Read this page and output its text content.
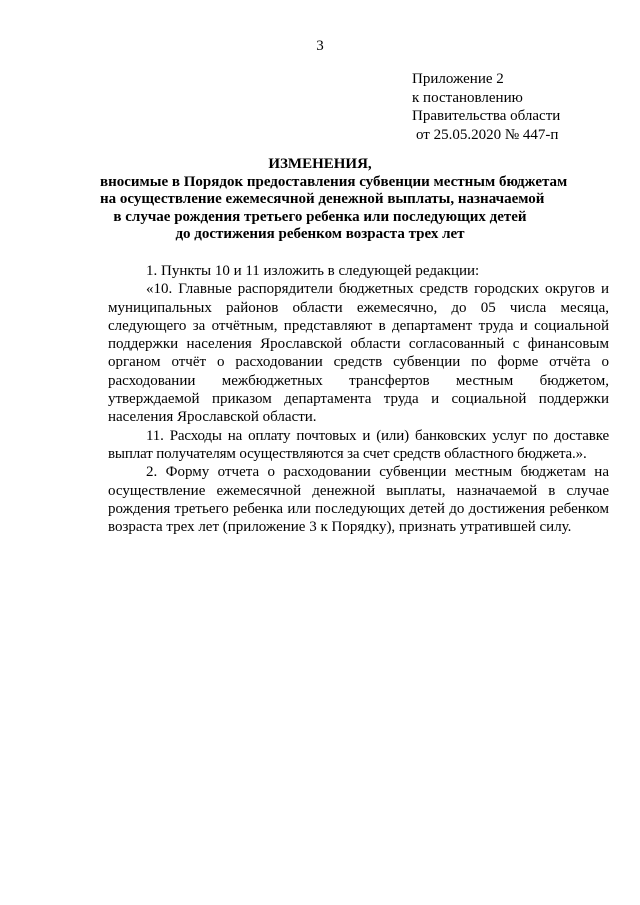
3
Приложение 2
к постановлению
Правительства области
от 25.05.2020 № 447-п
ИЗМЕНЕНИЯ,
вносимые в Порядок предоставления субвенции местным бюджетам
на осуществление ежемесячной денежной выплаты, назначаемой
в случае рождения третьего ребенка или последующих детей
до достижения ребенком возраста трех лет

1. Пункты 10 и 11 изложить в следующей редакции:

«10. Главные распорядители бюджетных средств городских округов и муниципальных районов области ежемесячно, до 05 числа месяца, следующего за отчётным, представляют в департамент труда и социальной поддержки населения Ярославской области согласованный с финансовым органом отчёт о расходовании средств субвенции по форме отчёта о расходовании межбюджетных трансфертов местным бюджетом, утверждаемой приказом департамента труда и социальной поддержки населения Ярославской области.

11. Расходы на оплату почтовых и (или) банковских услуг по доставке выплат получателям осуществляются за счет средств областного бюджета.».

2. Форму отчета о расходовании субвенции местным бюджетам на осуществление ежемесячной денежной выплаты, назначаемой в случае рождения третьего ребенка или последующих детей до достижения ребенком возраста трех лет (приложение 3 к Порядку), признать утратившей силу.
